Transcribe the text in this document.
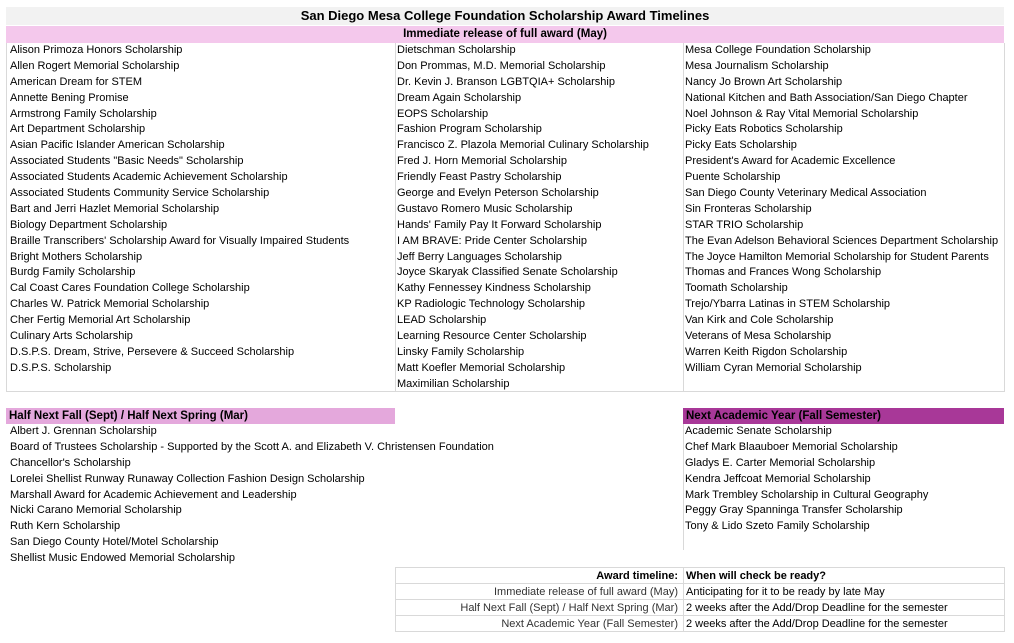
San Diego Mesa College Foundation Scholarship Award Timelines
Immediate release of full award (May)
Alison Primoza Honors Scholarship
Allen Rogert Memorial Scholarship
American Dream for STEM
Annette Bening Promise
Armstrong Family Scholarship
Art Department Scholarship
Asian Pacific Islander American Scholarship
Associated Students "Basic Needs" Scholarship
Associated Students Academic Achievement Scholarship
Associated Students Community Service Scholarship
Bart and Jerri Hazlet Memorial Scholarship
Biology Department Scholarship
Braille Transcribers' Scholarship Award for Visually Impaired Students
Bright Mothers Scholarship
Burdg Family Scholarship
Cal Coast Cares Foundation College Scholarship
Charles W. Patrick Memorial Scholarship
Cher Fertig Memorial Art Scholarship
Culinary Arts Scholarship
D.S.P.S. Dream, Strive, Persevere & Succeed Scholarship
D.S.P.S. Scholarship
Dietschman Scholarship
Don Prommas, M.D. Memorial Scholarship
Dr. Kevin J. Branson LGBTQIA+ Scholarship
Dream Again Scholarship
EOPS Scholarship
Fashion Program Scholarship
Francisco Z. Plazola Memorial Culinary Scholarship
Fred J. Horn Memorial Scholarship
Friendly Feast Pastry Scholarship
George and Evelyn Peterson Scholarship
Gustavo Romero Music Scholarship
Hands' Family Pay It Forward Scholarship
I AM BRAVE: Pride Center Scholarship
Jeff Berry Languages Scholarship
Joyce Skaryak Classified Senate Scholarship
Kathy Fennessey Kindness Scholarship
KP Radiologic Technology Scholarship
LEAD Scholarship
Learning Resource Center Scholarship
Linsky Family Scholarship
Matt Koefler Memorial Scholarship
Maximilian Scholarship
Mesa College Foundation Scholarship
Mesa Journalism Scholarship
Nancy Jo Brown Art Scholarship
National Kitchen and Bath Association/San Diego Chapter
Noel Johnson & Ray Vital Memorial Scholarship
Picky Eats Robotics Scholarship
Picky Eats Scholarship
President's Award for Academic Excellence
Puente Scholarship
San Diego County Veterinary Medical Association
Sin Fronteras Scholarship
STAR TRIO Scholarship
The Evan Adelson Behavioral Sciences Department Scholarship
The Joyce Hamilton Memorial Scholarship for Student Parents
Thomas and Frances Wong Scholarship
Toomath Scholarship
Trejo/Ybarra Latinas in STEM Scholarship
Van Kirk and Cole Scholarship
Veterans of Mesa Scholarship
Warren Keith Rigdon Scholarship
William Cyran Memorial Scholarship
Half Next Fall (Sept) / Half Next Spring (Mar)	Next Academic Year (Fall Semester)
Albert J. Grennan Scholarship
Board of Trustees Scholarship - Supported by the Scott A. and Elizabeth V. Christensen Foundation
Chancellor's Scholarship
Lorelei Shellist Runway Runaway Collection Fashion Design Scholarship
Marshall Award for Academic Achievement and Leadership
Nicki Carano Memorial Scholarship
Ruth Kern Scholarship
San Diego County Hotel/Motel Scholarship
Shellist Music Endowed Memorial Scholarship
Academic Senate Scholarship
Chef Mark Blaauboer Memorial Scholarship
Gladys E. Carter Memorial Scholarship
Kendra Jeffcoat Memorial Scholarship
Mark Trembley Scholarship in Cultural Geography
Peggy Gray Spanninga Transfer Scholarship
Tony & Lido Szeto Family Scholarship
Award timeline:
Immediate release of full award (May)
Half Next Fall (Sept) / Half Next Spring (Mar)
Next Academic Year (Fall Semester)
When will check be ready?
Anticipating for it to be ready by late May
2 weeks after the Add/Drop Deadline for the semester
2 weeks after the Add/Drop Deadline for the semester
